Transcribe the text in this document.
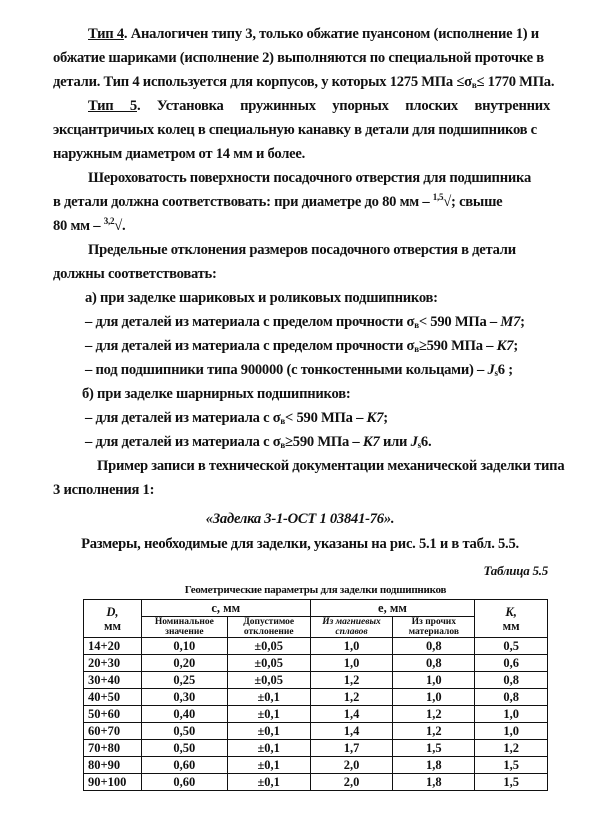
Тип 4. Аналогичен типу 3, только обжатие пуансоном (исполнение 1) и
обжатие шариками (исполнение 2) выполняются по специальной проточке в
детали. Тип 4 используется для корпусов, у которых 1275 МПа $\le\sigma_в\le 1770$ МПа.
Тип 5. Установка пружинных упорных плоских внутренних
эксцантричиых колец в специальную канавку в детали для подшипников с
наружным диаметром от 14 мм и более.
Шероховатость поверхности посадочного отверстия для подшипника
в детали должна соответствовать: при диаметре до 80 мм – $^{1,5}$√; свыше
80 мм – $^{3,2}$√.
Предельные отклонения размеров посадочного отверстия в детали
должны соответствовать:
а) при заделке шариковых и роликовых подшипников:
– для деталей из материала с пределом прочности $\sigma_в< 590$ МПа – М7;
– для деталей из материала с пределом прочности $\sigma_в\ge 590$ МПа – К7;
– под подшипники типа 900000 (с тонкостенными кольцами) – $J_s6$ ;
б) при заделке шарнирных подшипников:
– для деталей из материала с $\sigma_в< 590$ МПа – К7;
– для деталей из материала с $\sigma_в\ge 590$ МПа – К7 или $J_s6$.
Пример записи в технической документации механической заделки типа
3 исполнения 1:
«Заделка 3-1-ОСТ 1 03841-76».
Размеры, необходимые для заделки, указаны на рис. 5.1 и в табл. 5.5.
Таблица 5.5
Геометрические параметры для заделки подшипников
D,
мм	c, мм		e, мм		K,
мм
	Номинальное значение	Допустимое отклонение	Из магниевых сплавов	Из прочих материалов	
14+20	0,10	±0,05	1,0	0,8	0,5
20+30	0,20	±0,05	1,0	0,8	0,6
30+40	0,25	±0,05	1,2	1,0	0,8
40+50	0,30	±0,1	1,2	1,0	0,8
50+60	0,40	±0,1	1,4	1,2	1,0
60+70	0,50	±0,1	1,4	1,2	1,0
70+80	0,50	±0,1	1,7	1,5	1,2
80+90	0,60	±0,1	2,0	1,8	1,5
90+100	0,60	±0,1	2,0	1,8	1,5
